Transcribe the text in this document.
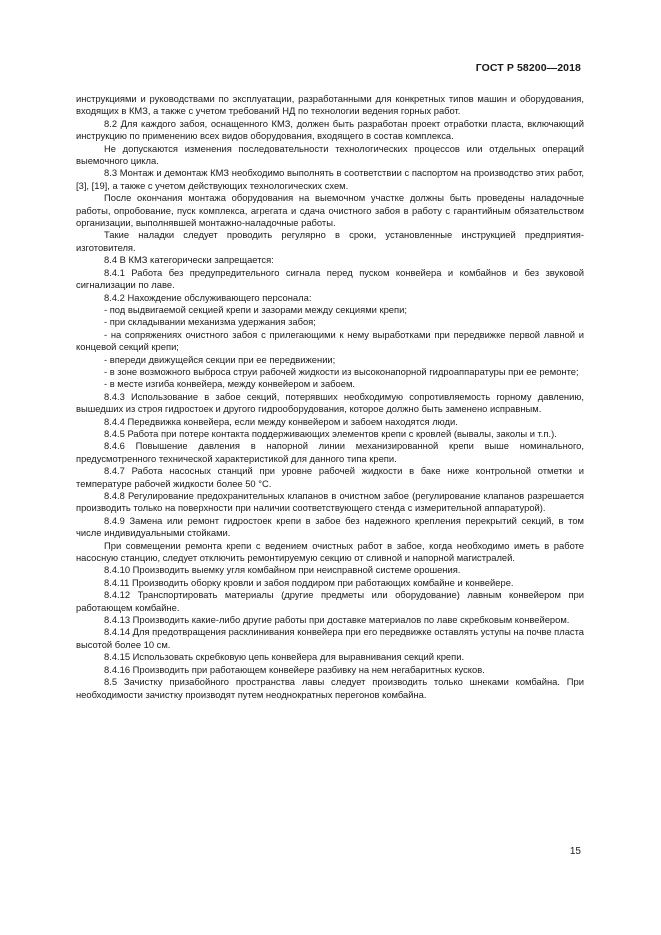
ГОСТ Р 58200—2018

инструкциями и руководствами по эксплуатации, разработанными для конкретных типов машин и оборудования, входящих в КМЗ, а также с учетом требований НД по технологии ведения горных работ.

8.2 Для каждого забоя, оснащенного КМЗ, должен быть разработан проект отработки пласта, включающий инструкцию по применению всех видов оборудования, входящего в состав комплекса.

Не допускаются изменения последовательности технологических процессов или отдельных операций выемочного цикла.

8.3 Монтаж и демонтаж КМЗ необходимо выполнять в соответствии с паспортом на производство этих работ, [3], [19], а также с учетом действующих технологических схем.

После окончания монтажа оборудования на выемочном участке должны быть проведены наладочные работы, опробование, пуск комплекса, агрегата и сдача очистного забоя в работу с гарантийным обязательством организации, выполнявшей монтажно-наладочные работы.

Такие наладки следует проводить регулярно в сроки, установленные инструкцией предприятия-изготовителя.

8.4 В КМЗ категорически запрещается:

8.4.1 Работа без предупредительного сигнала перед пуском конвейера и комбайнов и без звуковой сигнализации по лаве.

8.4.2 Нахождение обслуживающего персонала:

- под выдвигаемой секцией крепи и зазорами между секциями крепи;

- при складывании механизма удержания забоя;

- на сопряжениях очистного забоя с прилегающими к нему выработками при передвижке первой лавной и концевой секций крепи;

- впереди движущейся секции при ее передвижении;

- в зоне возможного выброса струи рабочей жидкости из высоконапорной гидроаппаратуры при ее ремонте;

- в месте изгиба конвейера, между конвейером и забоем.

8.4.3 Использование в забое секций, потерявших необходимую сопротивляемость горному давлению, вышедших из строя гидростоек и другого гидрооборудования, которое должно быть заменено исправным.

8.4.4 Передвижка конвейера, если между конвейером и забоем находятся люди.

8.4.5 Работа при потере контакта поддерживающих элементов крепи с кровлей (вывалы, заколы и т.п.).

8.4.6 Повышение давления в напорной линии механизированной крепи выше номинального, предусмотренного технической характеристикой для данного типа крепи.

8.4.7 Работа насосных станций при уровне рабочей жидкости в баке ниже контрольной отметки и температуре рабочей жидкости более 50 °С.

8.4.8 Регулирование предохранительных клапанов в очистном забое (регулирование клапанов разрешается производить только на поверхности при наличии соответствующего стенда с измерительной аппаратурой).

8.4.9 Замена или ремонт гидростоек крепи в забое без надежного крепления перекрытий секций, в том числе индивидуальными стойками.

При совмещении ремонта крепи с ведением очистных работ в забое, когда необходимо иметь в работе насосную станцию, следует отключить ремонтируемую секцию от сливной и напорной магистралей.

8.4.10 Производить выемку угля комбайном при неисправной системе орошения.

8.4.11 Производить оборку кровли и забоя поддиром при работающих комбайне и конвейере.

8.4.12 Транспортировать материалы (другие предметы или оборудование) лавным конвейером при работающем комбайне.

8.4.13 Производить какие-либо другие работы при доставке материалов по лаве скребковым конвейером.

8.4.14 Для предотвращения расклинивания конвейера при его передвижке оставлять уступы на почве пласта высотой более 10 см.

8.4.15 Использовать скребковую цепь конвейера для выравнивания секций крепи.

8.4.16 Производить при работающем конвейере разбивку на нем негабаритных кусков.

8.5 Зачистку призабойного пространства лавы следует производить только шнеками комбайна. При необходимости зачистку производят путем неоднократных перегонов комбайна.

15
